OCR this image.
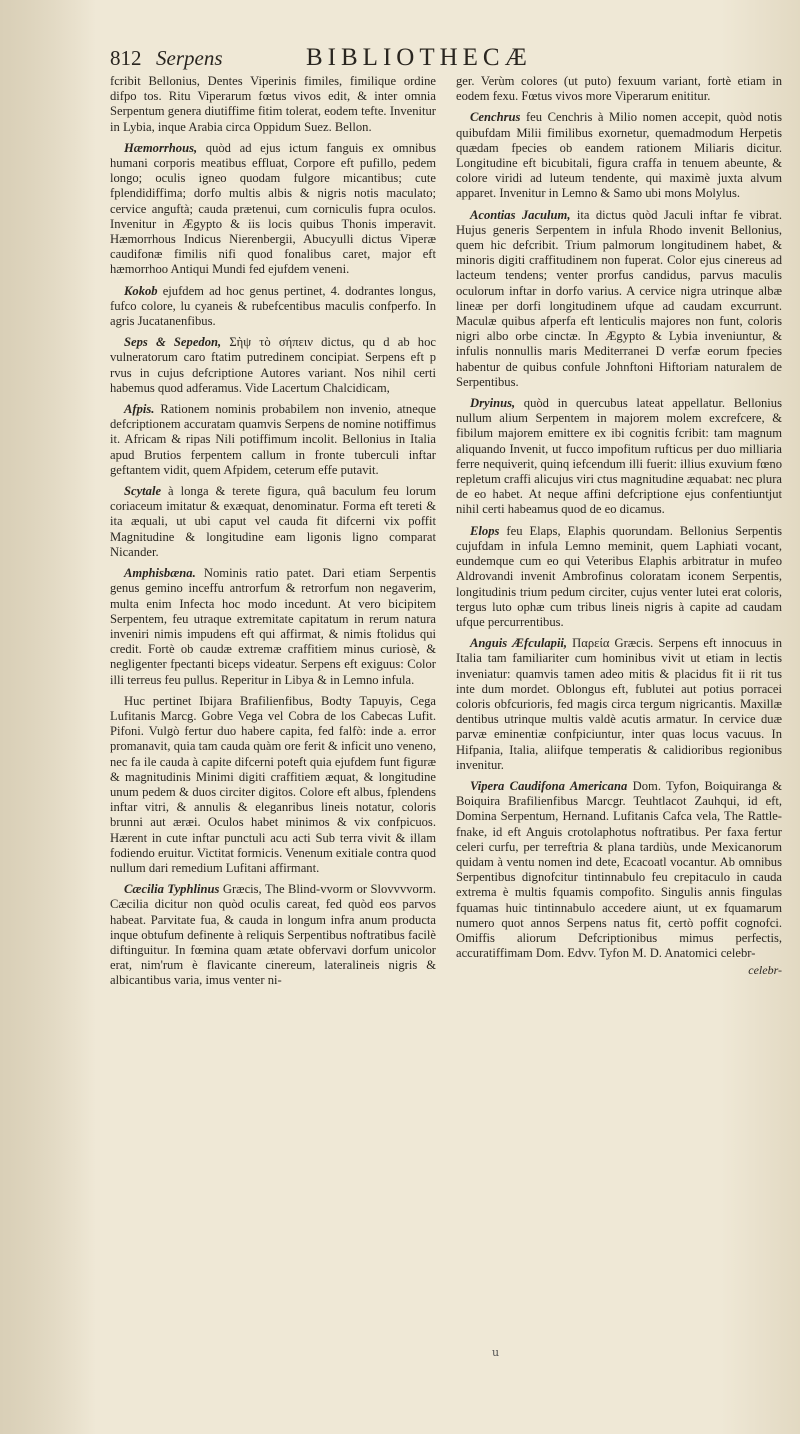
812 Serpens	BIBLIOTHECÆ

fcribit Bellonius, Dentes Viperinis fimiles, fimilique ordine difpo tos. Ritu Viperarum fœtus vivos edit, & inter omnia Serpentum genera diutiffime fitim tolerat, eodem tefte. Invenitur in Lybia, inque Arabia circa Oppidum Suez. Bellon.

Hæmorrhous, quòd ad ejus ictum fanguis ex omnibus humani corporis meatibus effluat, Corpore eft pufillo, pedem longo; oculis igneo quodam fulgore micantibus; cute fplendidiffima; dorfo multis albis & nigris notis maculato; cervice anguftà; cauda prætenui, cum corniculis fupra oculos. Invenitur in Ægypto & iis locis quibus Thonis imperavit. Hæmorrhous Indicus Nierenbergii, Abucyulli dictus Viperæ caudifonæ fimilis nifi quod fonalibus caret, major eft hæmorrhoo Antiqui Mundi fed ejufdem veneni.

Kokob ejufdem ad hoc genus pertinet, 4. dodrantes longus, fufco colore, lu cyaneis & rubefcentibus maculis confperfo. In agris Jucatanenfibus.

Seps & Sepedon, Σὴψ τὸ σήπειν dictus, qu d ab hoc vulneratorum caro ftatim putredinem concipiat. Serpens eft p rvus in cujus defcriptione Autores variant. Nos nihil certi habemus quod adferamus. Vide Lacertum Chalcidicam,

Afpis. Rationem nominis probabilem non invenio, atneque defcriptionem accuratam quamvis Serpens de nomine notiffimus it. Africam & ripas Nili potiffimum incolit. Bellonius in Italia apud Brutios ferpentem callum in fronte tuberculi inftar geftantem vidit, quem Afpidem, ceterum effe putavit.

Scytale à longa & terete figura, quâ baculum feu lorum coriaceum imitatur & exæquat, denominatur. Forma eft tereti & ita æquali, ut ubi caput vel cauda fit difcerni vix poffit Magnitudine & longitudine eam ligonis ligno comparat Nicander.

Amphisbæna. Nominis ratio patet. Dari etiam Serpentis genus gemino inceffu antrorfum & retrorfum non negaverim, multa enim Infecta hoc modo incedunt. At vero bicipitem Serpentem, feu utraque extremitate capitatum in rerum natura inveniri nimis impudens eft qui affirmat, & nimis ftolidus qui credit. Fortè ob caudæ extremæ craffitiem minus curiosè, & negligenter fpectanti biceps videatur. Serpens eft exiguus: Color illi terreus feu pullus. Reperitur in Libya & in Lemno infula.

Huc pertinet Ibijara Brafilienfibus, Bodty Tapuyis, Cega Lufitanis Marcg. Gobre Vega vel Cobra de los Cabecas Lufit. Pifoni. Vulgò fertur duo habere capita, fed falfò: inde a. error promanavit, quia tam cauda quàm ore ferit & inficit uno veneno, nec fa ile cauda à capite difcerni poteft quia ejufdem funt figuræ & magnitudinis Minimi digiti craffitiem æquat, & longitudine unum pedem & duos circiter digitos. Colore eft albus, fplendens inftar vitri, & annulis & eleganribus lineis notatur, coloris brunni aut æræi. Oculos habet minimos & vix confpicuos. Hærent in cute inftar punctuli acu acti Sub terra vivit & illam fodiendo eruitur. Victitat formicis. Venenum exitiale contra quod nullum dari remedium Lufitani affirmant.

Cæcilia Typhlinus Græcis, The Blind-vvorm or Slovvvvorm. Cæcilia dicitur non quòd oculis careat, fed quòd eos parvos habeat. Parvitate fua, & cauda in longum infra anum producta inque obtufum definente à reliquis Serpentibus noftratibus facilè diftinguitur. In fœmina quam ætate obfervavi dorfum unicolor erat, nim'rum è flavicante cinereum, lateralineis nigris & albicantibus varia, imus venter ni-

ger. Verùm colores (ut puto) fexuum variant, fortè etiam in eodem fexu. Fœtus vivos more Viperarum enititur.

Cenchrus feu Cenchris à Milio nomen accepit, quòd notis quibufdam Milii fimilibus exornetur, quemadmodum Herpetis quædam fpecies ob eandem rationem Miliaris dicitur. Longitudine eft bicubitali, figura craffa in tenuem abeunte, & colore viridi ad luteum tendente, qui maximè juxta alvum apparet. Invenitur in Lemno & Samo ubi mons Molylus.

Acontias Jaculum, ita dictus quòd Jaculi inftar fe vibrat. Hujus generis Serpentem in infula Rhodo invenit Bellonius, quem hic defcribit. Trium palmorum longitudinem habet, & minoris digiti craffitudinem non fuperat. Color ejus cinereus ad lacteum tendens; venter prorfus candidus, parvus maculis oculorum inftar in dorfo varius. A cervice nigra utrinque albæ lineæ per dorfi longitudinem ufque ad caudam excurrunt. Maculæ quibus afperfa eft lenticulis majores non funt, coloris nigri albo orbe cinctæ. In Ægypto & Lybia inveniuntur, & infulis nonnullis maris Mediterranei D verfæ eorum fpecies habentur de quibus confule Johnftoni Hiftoriam naturalem de Serpentibus.

Dryinus, quòd in quercubus lateat appellatur. Bellonius nullum alium Serpentem in majorem molem excrefcere, & fibilum majorem emittere ex ibi cognitis fcribit: tam magnum aliquando Invenit, ut fucco impofitum rufticus per duo milliaria ferre nequiverit, quinq iefcendum illi fuerit: illius exuvium fœno repletum craffi alicujus viri ctus magnitudine æquabat: nec plura de eo habet. At neque affini defcriptione ejus confentiuntjut nihil certi habeamus quod de eo dicamus.

Elops feu Elaps, Elaphis quorundam. Bellonius Serpentis cujufdam in infula Lemno meminit, quem Laphiati vocant, eundemque cum eo qui Veteribus Elaphis arbitratur in mufeo Aldrovandi invenit Ambrofinus coloratam iconem Serpentis, longitudinis trium pedum circiter, cujus venter lutei erat coloris, tergus luto ophæ cum tribus lineis nigris à capite ad caudam ufque percurrentibus.

Anguis Æfculapii, Παρεία Græcis. Serpens eft innocuus in Italia tam familiariter cum hominibus vivit ut etiam in lectis inveniatur: quamvis tamen adeo mitis & placidus fit ii rit tus inte dum mordet. Oblongus eft, fublutei aut potius porracei coloris obfcurioris, fed magis circa tergum nigricantis. Maxillæ dentibus utrinque multis valdè acutis armatur. In cervice duæ parvæ eminentiæ confpiciuntur, inter quas locus vacuus. In Hifpania, Italia, aliifque temperatis & calidioribus regionibus invenitur.

Vipera Caudifona Americana Dom. Tyfon, Boiquiranga & Boiquira Brafilienfibus Marcgr. Teuhtlacot Zauhqui, id eft, Domina Serpentum, Hernand. Lufitanis Cafca vela, The Rattle-fnake, id eft Anguis crotolaphotus noftratibus. Per faxa fertur celeri curfu, per terreftria & plana tardiùs, unde Mexicanorum quidam à ventu nomen ind dete, Ecacoatl vocantur. Ab omnibus Serpentibus dignofcitur tintinnabulo feu crepitaculo in cauda extrema è multis fquamis compofito. Singulis annis fingulas fquamas huic tintinnabulo accedere aiunt, ut ex fquamarum numero quot annos Serpens natus fit, certò poffit cognofci. Omiffis aliorum Defcriptionibus mimus perfectis, accuratiffimam Dom. Edvv. Tyfon M. D. Anatomici celebr-

celebr-
u
